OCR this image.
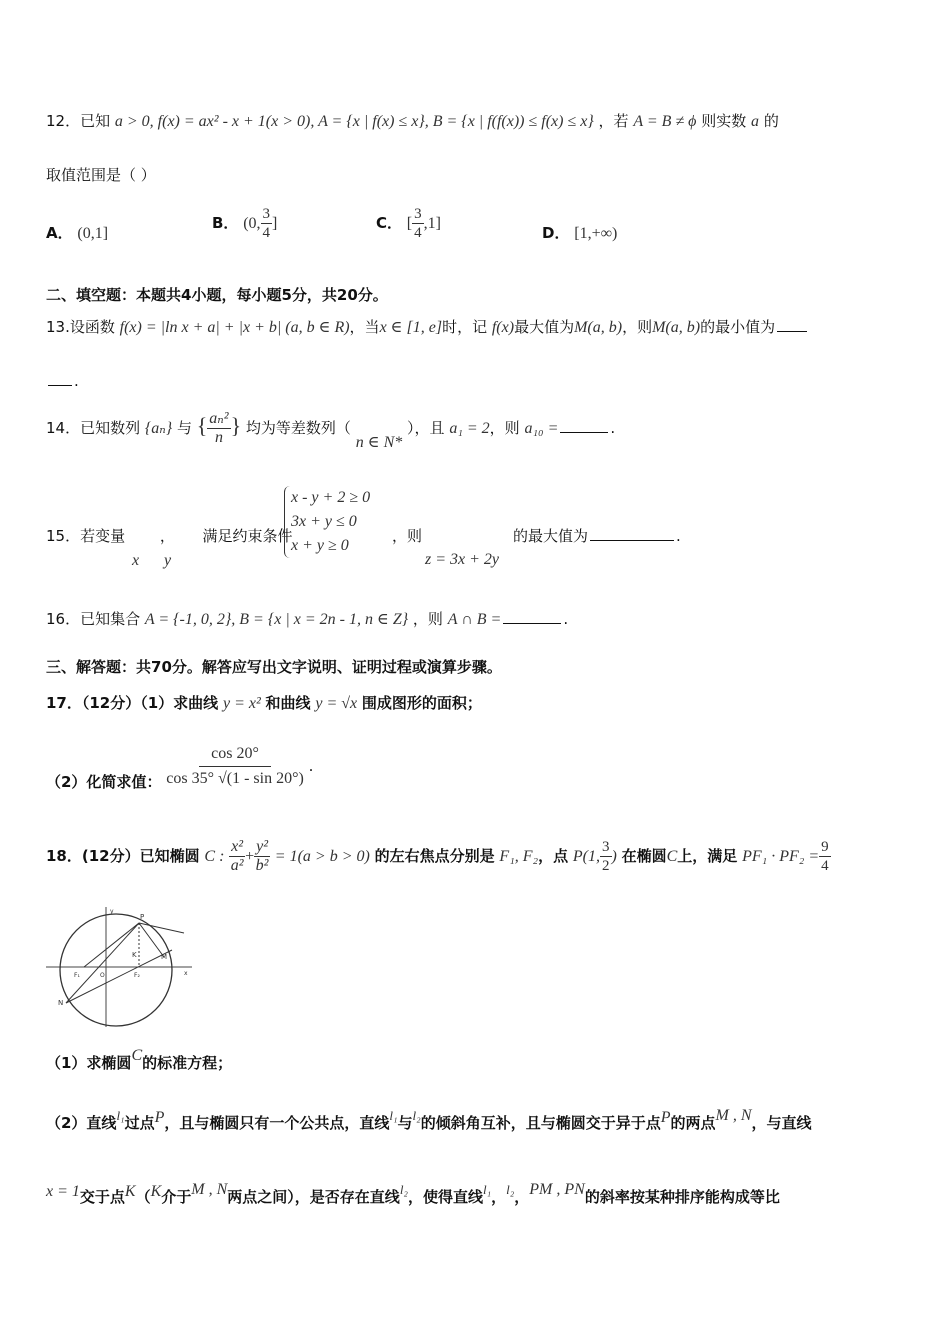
12．已知 a > 0, f(x) = ax² - x + 1(x > 0), A = {x | f(x) ≤ x}, B = {x | f(f(x)) ≤ f(x) ≤ x} ，若 A = B ≠ ϕ 则实数 a 的
取值范围是（ ）
A． (0,1]
B． (0, $\frac{3}{4}$ ]	C． [ $\frac{3}{4} ,1$]
D． [1,+∞)
二、填空题：本题共4小题，每小题5分，共20分。
13.设函数 f(x) = |ln x + a| + |x + b| (a, b ∈ R)，当x ∈ [1, e]时，记 f(x)最大值为M(a, b)，则M(a, b)的最小值为
.
14．已知数列 {aₙ} 与 { $\frac{\text{aₙ²}}{n}$ } 均为等差数列（ n ∈ N* ），且 a₁ = 2，则 a₁₀ =	.
15．若变量 ， 满足约束条件
x y
x - y + 2 ≥ 0
3x + y ≤ 0
x + y ≥ 0
，则
z = 3x + 2y
的最大值为	.
16．已知集合 A = {-1, 0, 2}, B = {x | x = 2n - 1, n ∈ Z} ，则 A ∩ B =	.
三、解答题：共70分。解答应写出文字说明、证明过程或演算步骤。
17．（12分）（1）求曲线 y = x² 和曲线 y = √x 围成图形的面积；
（2）化简求值： $\frac{\cos 20^\circ}{\cos 35^\circ √(1 - \sin 20^\circ)}$ .
18．(12分）已知椭圆 C : $\frac{\text{x²}}{\text{a²}} + \frac{\text{y²}}{\text{b²}} = 1(a > b > 0)$ 的左右焦点分别是 F₁, F₂，点 P(1, $\frac{3}{2}$ ) 在椭圆C上，满足 $PF_1 \cdot PF_2 = \frac{9}{4}$
P
M
N
K
F₁	F₂
O	x
y
（1）求椭圆C的标准方程；
（2）直线l₁过点P，且与椭圆只有一个公共点，直线l₁与l₂的倾斜角互补，且与椭圆交于异于点P的两点M , N，与直线
x = 1交于点K（K介于M , N两点之间），是否存在直线l₂，使得直线l₁，l₂，PM , PN的斜率按某种排序能构成等比
